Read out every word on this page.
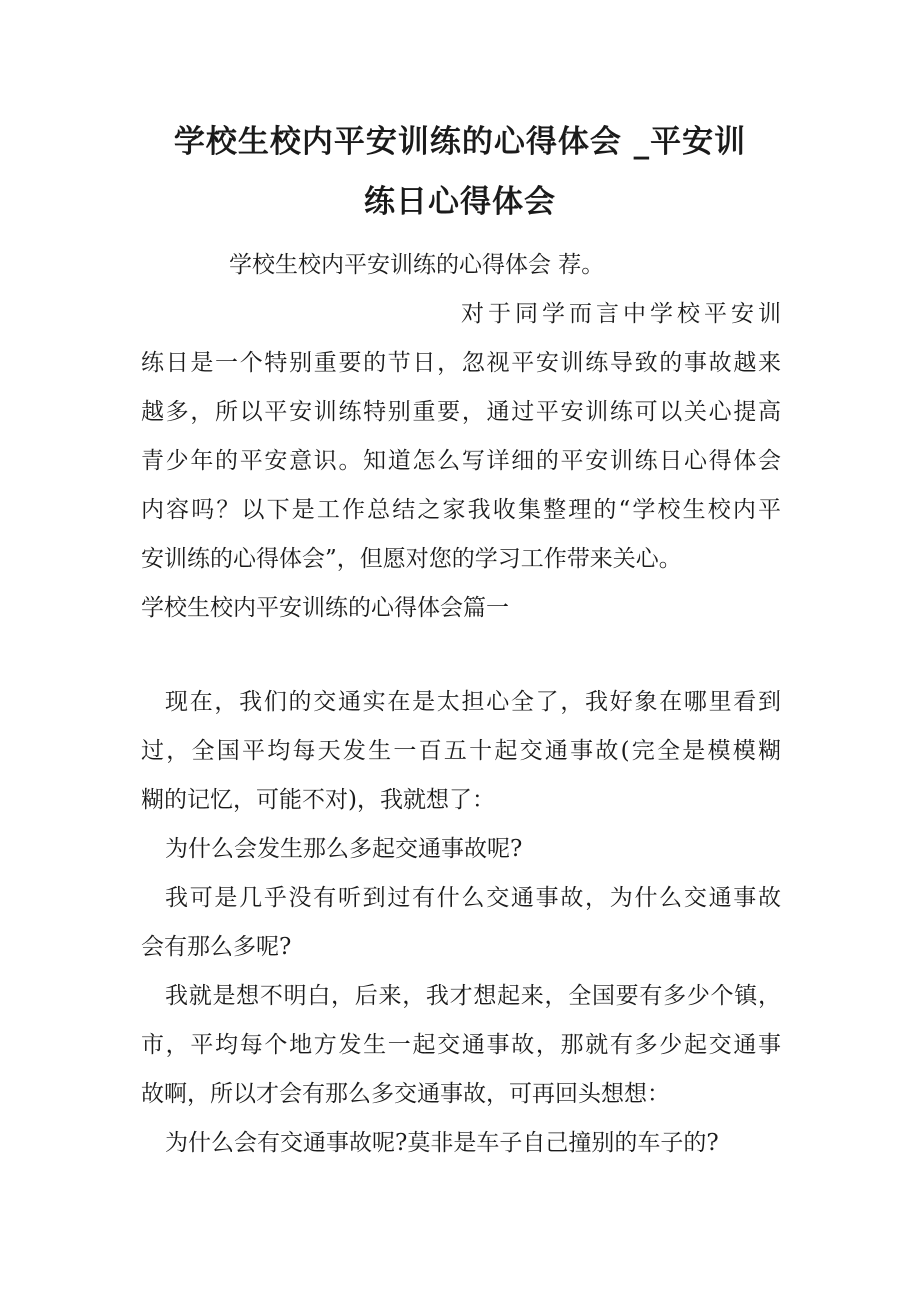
学校生校内平安训练的心得体会 _平安训
练日心得体会
学校生校内平安训练的心得体会 荐。
对于同学而言中学校平安训
练日是一个特别重要的节日，忽视平安训练导致的事故越来
越多，所以平安训练特别重要，通过平安训练可以关心提高
青少年的平安意识。知道怎么写详细的平安训练日心得体会
内容吗？以下是工作总结之家我收集整理的“学校生校内平
安训练的心得体会”，但愿对您的学习工作带来关心。
学校生校内平安训练的心得体会篇一
现在，我们的交通实在是太担心全了，我好象在哪里看到
过，全国平均每天发生一百五十起交通事故(完全是模模糊
糊的记忆，可能不对)，我就想了：
为什么会发生那么多起交通事故呢?
我可是几乎没有听到过有什么交通事故，为什么交通事故
会有那么多呢?
我就是想不明白，后来，我才想起来，全国要有多少个镇，
市，平均每个地方发生一起交通事故，那就有多少起交通事
故啊，所以才会有那么多交通事故，可再回头想想：
为什么会有交通事故呢?莫非是车子自己撞别的车子的?
